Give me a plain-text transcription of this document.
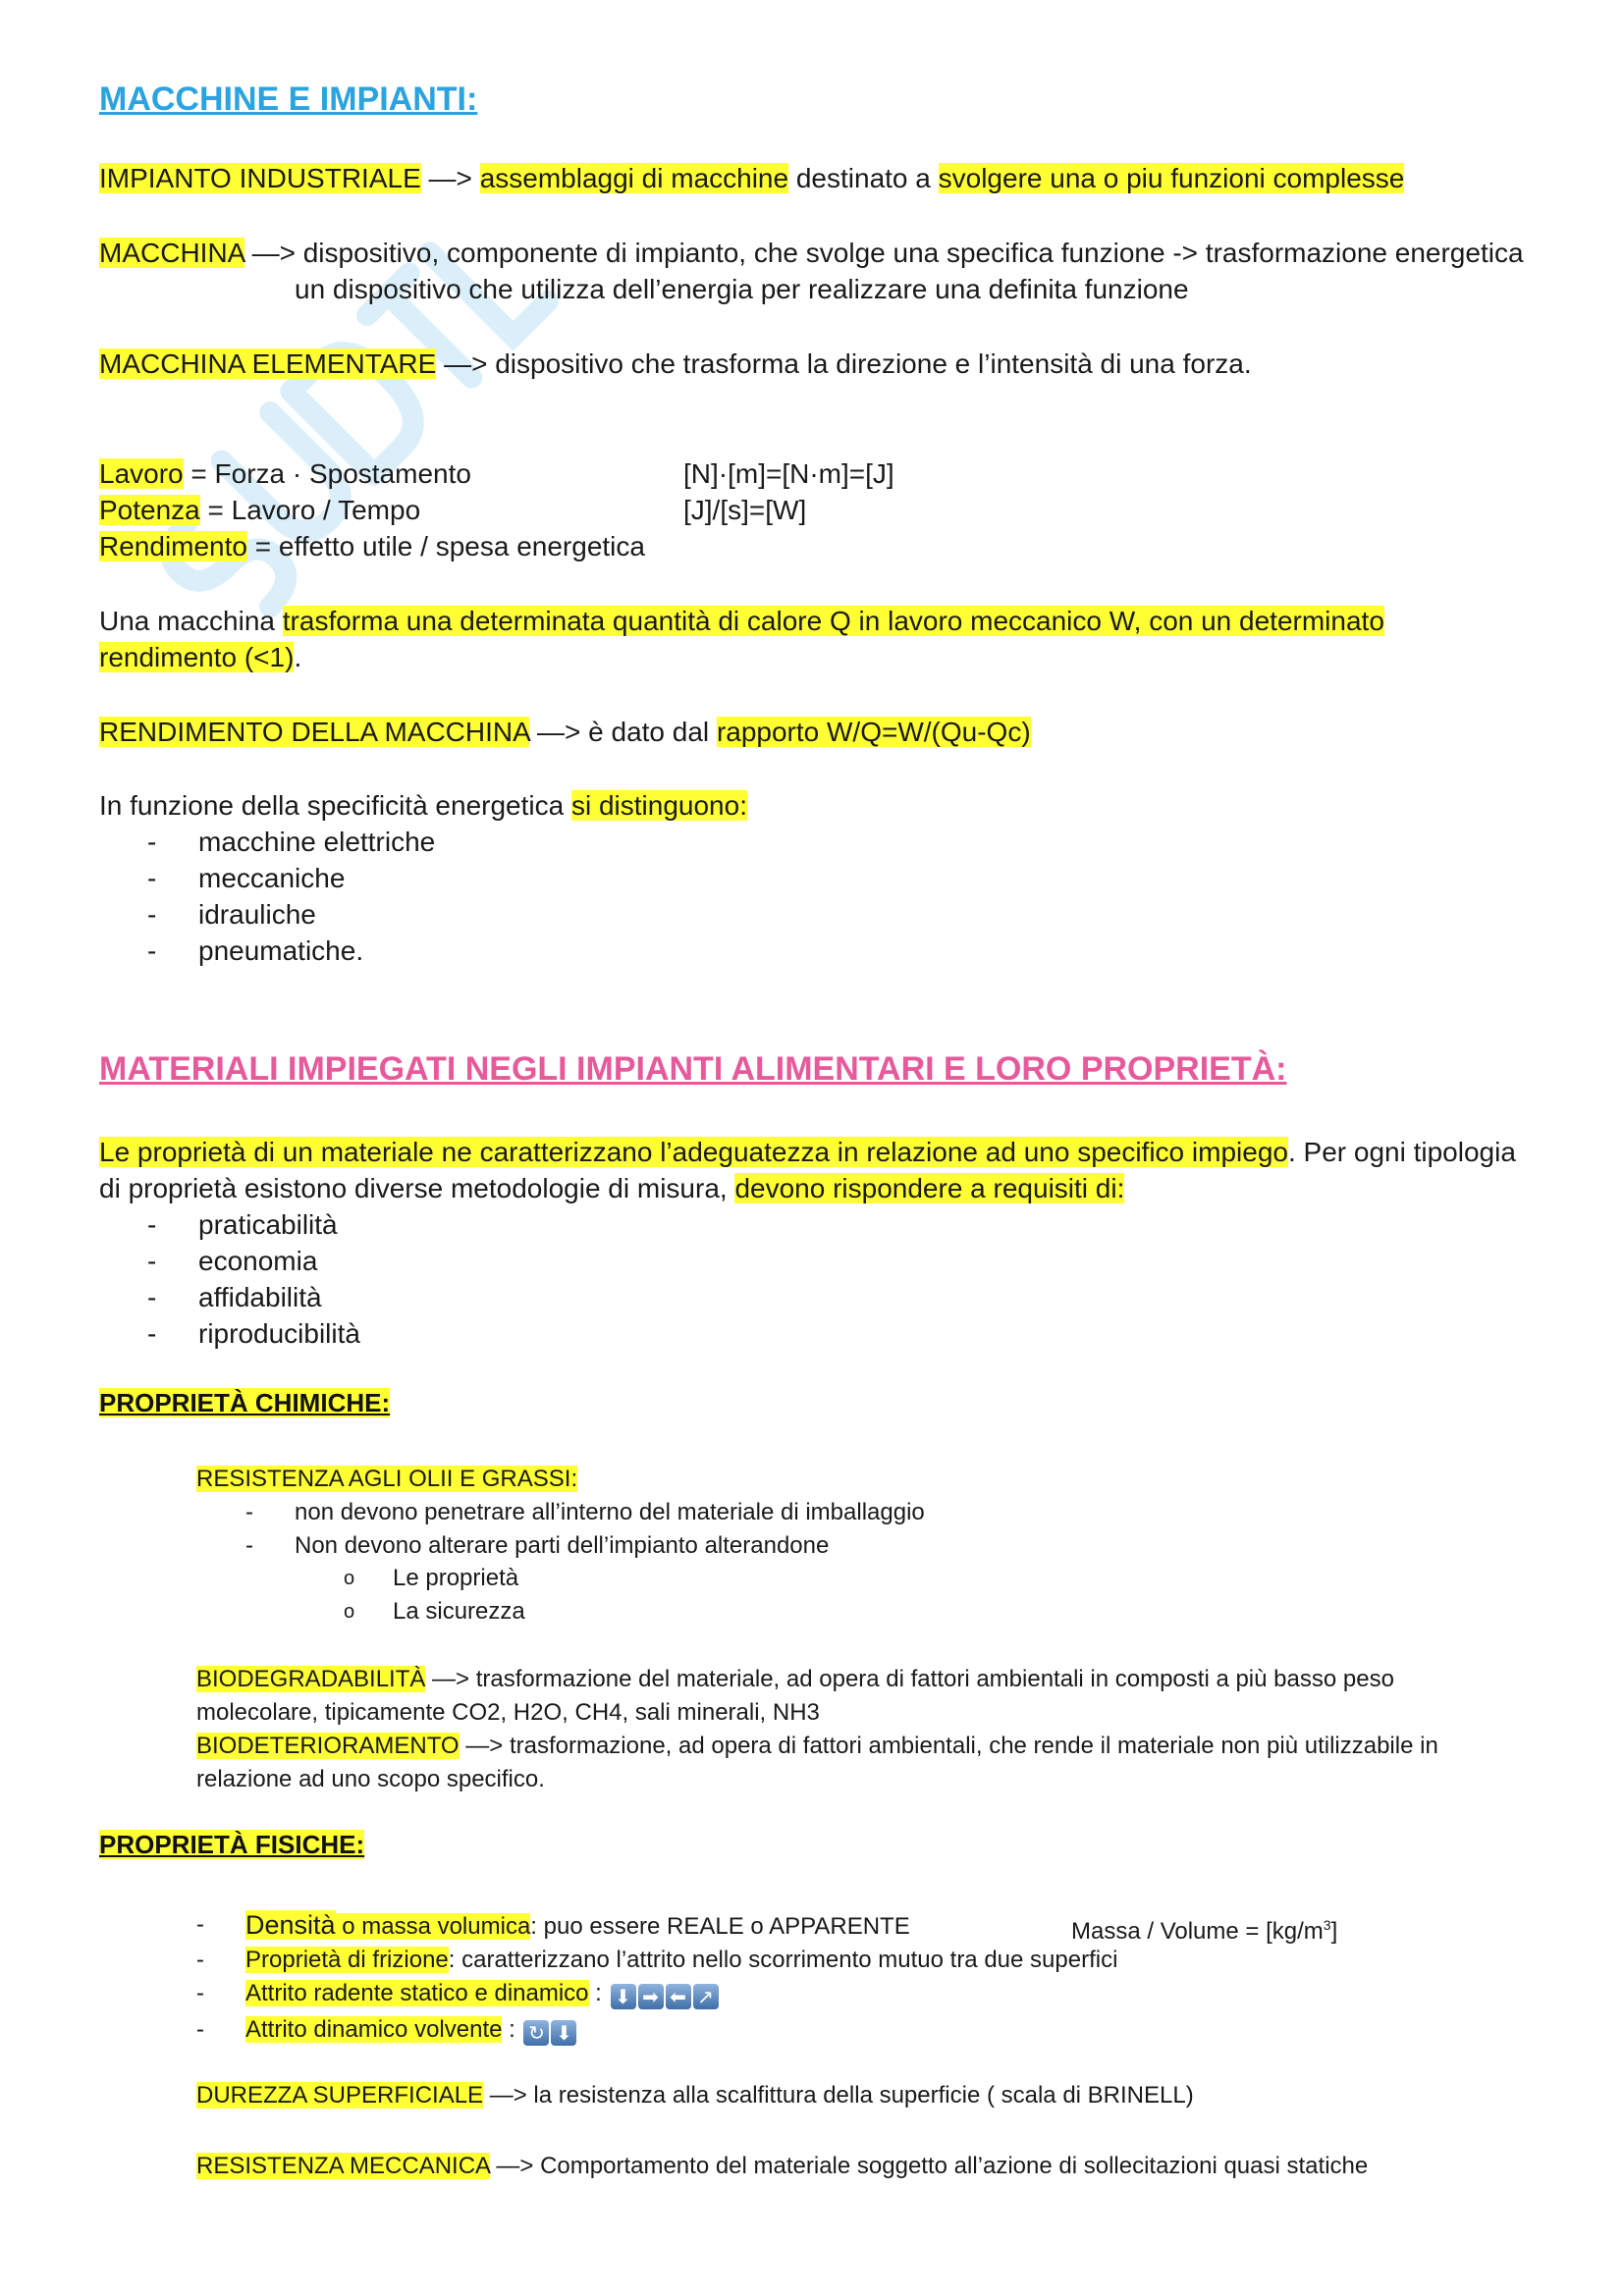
MACCHINE E IMPIANTI:
IMPIANTO INDUSTRIALE —> assemblaggi di macchine destinato a svolgere una o piu funzioni complesse
MACCHINA —> dispositivo, componente di impianto, che svolge una specifica funzione -> trasformazione energetica
un dispositivo che utilizza dell’energia per realizzare una definita funzione
MACCHINA ELEMENTARE —> dispositivo che trasforma la direzione e l’intensità di una forza.
Lavoro = Forza · Spostamento	[N]·[m]=[N·m]=[J]
Potenza = Lavoro / Tempo	[J]/[s]=[W]
Rendimento = effetto utile / spesa energetica
Una macchina trasforma una determinata quantità di calore Q in lavoro meccanico W, con un determinato
rendimento (<1).
RENDIMENTO DELLA MACCHINA —> è dato dal rapporto W/Q=W/(Qu-Qc)
In funzione della specificità energetica si distinguono:
- macchine elettriche
- meccaniche
- idrauliche
- pneumatiche.
MATERIALI IMPIEGATI NEGLI IMPIANTI ALIMENTARI E LORO PROPRIETÀ:
Le proprietà di un materiale ne caratterizzano l’adeguatezza in relazione ad uno specifico impiego. Per ogni tipologia
di proprietà esistono diverse metodologie di misura, devono rispondere a requisiti di:
- praticabilità
- economia
- affidabilità
- riproducibilità
PROPRIETÀ CHIMICHE:
RESISTENZA AGLI OLII E GRASSI:
- non devono penetrare all’interno del materiale di imballaggio
- Non devono alterare parti dell’impianto alterandone
o Le proprietà
o La sicurezza
BIODEGRADABILITÀ —> trasformazione del materiale, ad opera di fattori ambientali in composti a più basso peso
molecolare, tipicamente CO2, H2O, CH4, sali minerali, NH3
BIODETERIORAMENTO —> trasformazione, ad opera di fattori ambientali, che rende il materiale non più utilizzabile in
relazione ad uno scopo specifico.
PROPRIETÀ FISICHE:
- Densità o massa volumica: puo essere REALE o APPARENTE
- Proprietà di frizione: caratterizzano l’attrito nello scorrimento mutuo tra due superfici
- Attrito radente statico e dinamico : ⬇ ➡ ⬅ ↗
- Attrito dinamico volvente : ↻ ⬇
Massa / Volume = $[kg/m^3]$
DUREZZA SUPERFICIALE —> la resistenza alla scalfittura della superficie ( scala di BRINELL)
RESISTENZA MECCANICA —> Comportamento del materiale soggetto all’azione di sollecitazioni quasi statiche
